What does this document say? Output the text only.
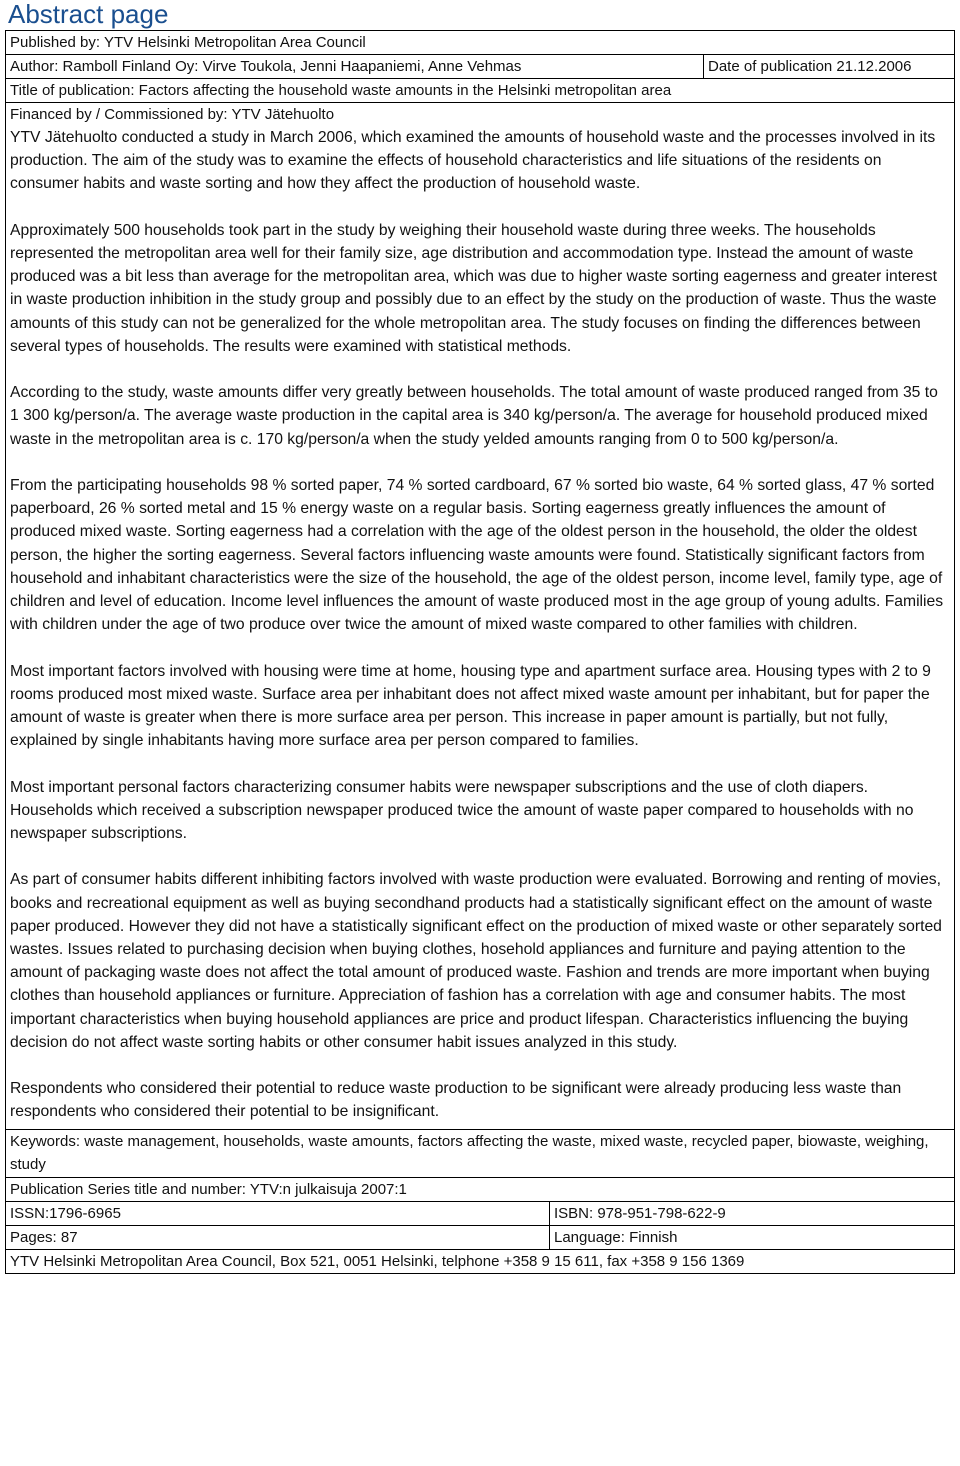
Abstract page
Published by: YTV Helsinki Metropolitan Area Council
Author: Ramboll Finland Oy: Virve Toukola, Jenni Haapaniemi, Anne Vehmas	Date of publication 21.12.2006
Title of publication: Factors affecting the household waste amounts in the Helsinki metropolitan area
Financed by / Commissioned by: YTV Jätehuolto

YTV Jätehuolto conducted a study in March 2006, which examined the amounts of household waste and the processes involved in its production. The aim of the study was to examine the effects of household characteristics and life situations of the residents on consumer habits and waste sorting and how they affect the production of household waste.

Approximately 500 households took part in the study by weighing their household waste during three weeks. The households represented the metropolitan area well for their family size, age distribution and accommodation type. Instead the amount of waste produced was a bit less than average for the metropolitan area, which was due to higher waste sorting eagerness and greater interest in waste production inhibition in the study group and possibly due to an effect by the study on the production of waste. Thus the waste amounts of this study can not be generalized for the whole metropolitan area. The study focuses on finding the differences between several types of households. The results were examined with statistical methods.

According to the study, waste amounts differ very greatly between households. The total amount of waste produced ranged from 35 to 1 300 kg/person/a. The average waste production in the capital area is 340 kg/person/a. The average for household produced mixed waste in the metropolitan area is c. 170 kg/person/a when the study yelded amounts ranging from 0 to 500 kg/person/a.

From the participating households 98 % sorted paper, 74 % sorted cardboard, 67 % sorted bio waste, 64 % sorted glass, 47 % sorted paperboard, 26 % sorted metal and 15 % energy waste on a regular basis. Sorting eagerness greatly influences the amount of produced mixed waste. Sorting eagerness had a correlation with the age of the oldest person in the household, the older the oldest person, the higher the sorting eagerness. Several factors influencing waste amounts were found. Statistically significant factors from household and inhabitant characteristics were the size of the household, the age of the oldest person, income level, family type, age of children and level of education. Income level influences the amount of waste produced most in the age group of young adults. Families with children under the age of two produce over twice the amount of mixed waste compared to other families with children.

Most important factors involved with housing were time at home, housing type and apartment surface area. Housing types with 2 to 9 rooms produced most mixed waste. Surface area per inhabitant does not affect mixed waste amount per inhabitant, but for paper the amount of waste is greater when there is more surface area per person. This increase in paper amount is partially, but not fully, explained by single inhabitants having more surface area per person compared to families.

Most important personal factors characterizing consumer habits were newspaper subscriptions and the use of cloth diapers. Households which received a subscription newspaper produced twice the amount of waste paper compared to households with no newspaper subscriptions.

As part of consumer habits different inhibiting factors involved with waste production were evaluated. Borrowing and renting of movies, books and recreational equipment as well as buying secondhand products had a statistically significant effect on the amount of waste paper produced. However they did not have a statistically significant effect on the production of mixed waste or other separately sorted wastes. Issues related to purchasing decision when buying clothes, hosehold appliances and furniture and paying attention to the amount of packaging waste does not affect the total amount of produced waste. Fashion and trends are more important when buying clothes than household appliances or furniture. Appreciation of fashion has a correlation with age and consumer habits. The most important characteristics when buying household appliances are price and product lifespan. Characteristics influencing the buying decision do not affect waste sorting habits or other consumer habit issues analyzed in this study.

Respondents who considered their potential to reduce waste production to be significant were already producing less waste than respondents who considered their potential to be insignificant.

Keywords: waste management, households, waste amounts, factors affecting the waste, mixed waste, recycled paper, biowaste, weighing, study
Publication Series title and number: YTV:n julkaisuja 2007:1
ISSN:1796-6965	ISBN: 978-951-798-622-9
Pages: 87	Language: Finnish
YTV Helsinki Metropolitan Area Council, Box 521, 0051 Helsinki, telphone +358 9 15 611, fax +358 9 156 1369
